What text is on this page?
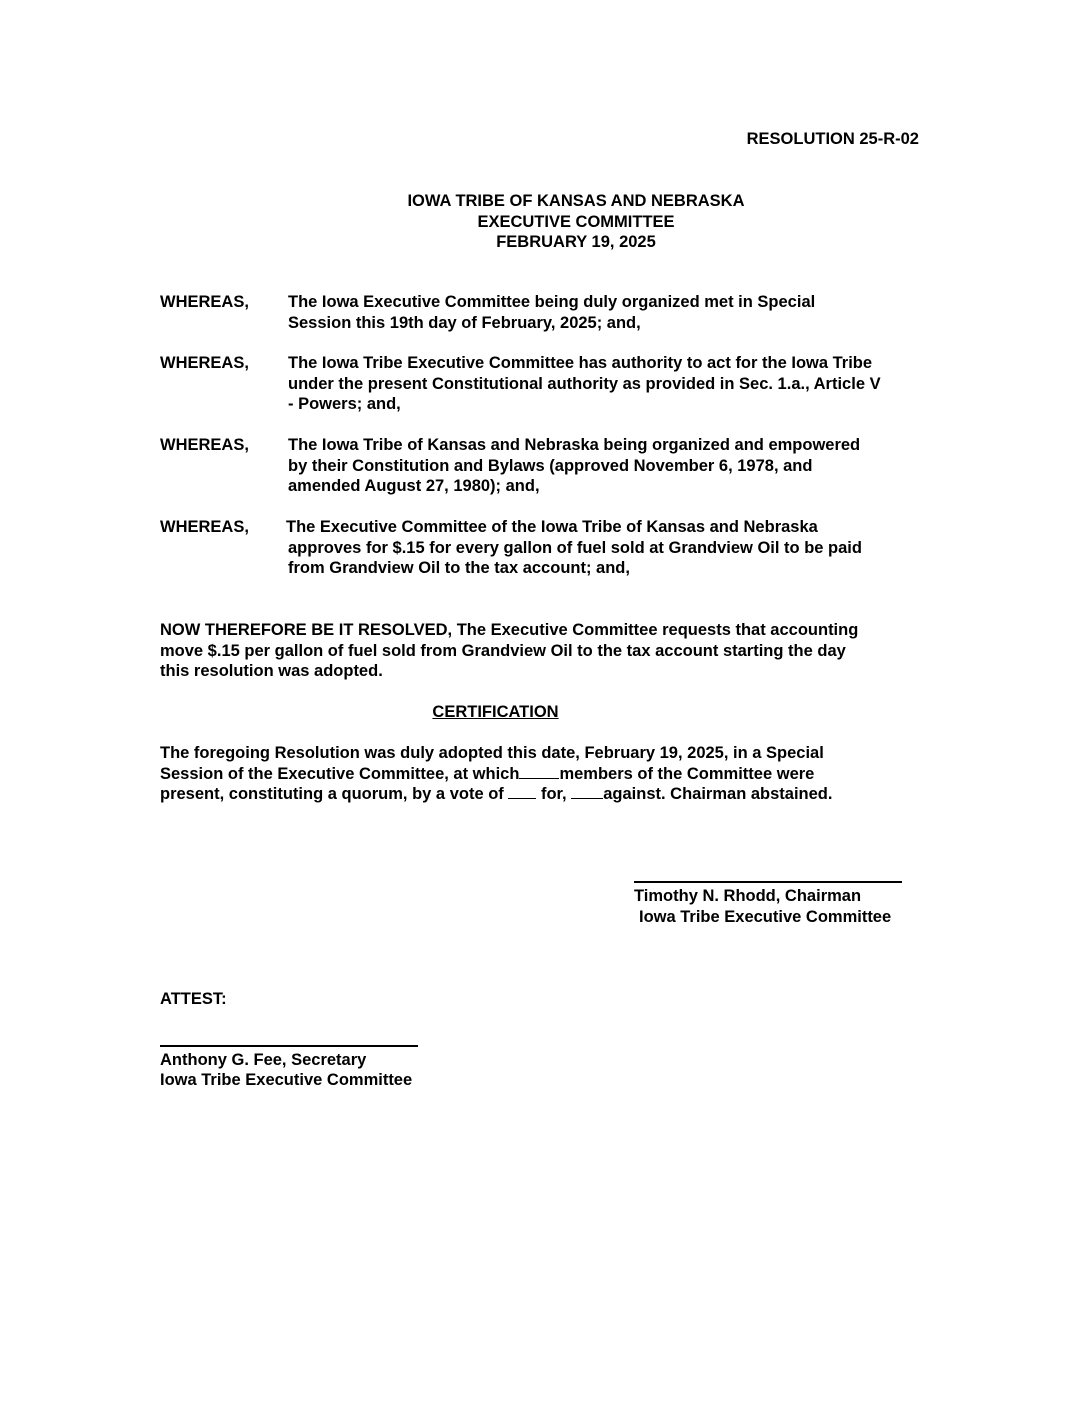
RESOLUTION 25-R-02
IOWA TRIBE OF KANSAS AND NEBRASKA
EXECUTIVE COMMITTEE
FEBRUARY 19, 2025
WHEREAS, The Iowa Executive Committee being duly organized met in Special
Session this 19th day of February, 2025; and,
WHEREAS, The Iowa Tribe Executive Committee has authority to act for the Iowa Tribe
under the present Constitutional authority as provided in Sec. 1.a., Article V
- Powers; and,
WHEREAS, The Iowa Tribe of Kansas and Nebraska being organized and empowered
by their Constitution and Bylaws (approved November 6, 1978, and
amended August 27, 1980); and,
WHEREAS, The Executive Committee of the Iowa Tribe of Kansas and Nebraska
approves for $.15 for every gallon of fuel sold at Grandview Oil to be paid
from Grandview Oil to the tax account; and,
NOW THEREFORE BE IT RESOLVED, The Executive Committee requests that accounting
move $.15 per gallon of fuel sold from Grandview Oil to the tax account starting the day
this resolution was adopted.
CERTIFICATION
The foregoing Resolution was duly adopted this date, February 19, 2025, in a Special
Session of the Executive Committee, at which members of the Committee were
present, constituting a quorum, by a vote of for, against. Chairman abstained.
Timothy N. Rhodd, Chairman
Iowa Tribe Executive Committee
ATTEST:
Anthony G. Fee, Secretary
Iowa Tribe Executive Committee
